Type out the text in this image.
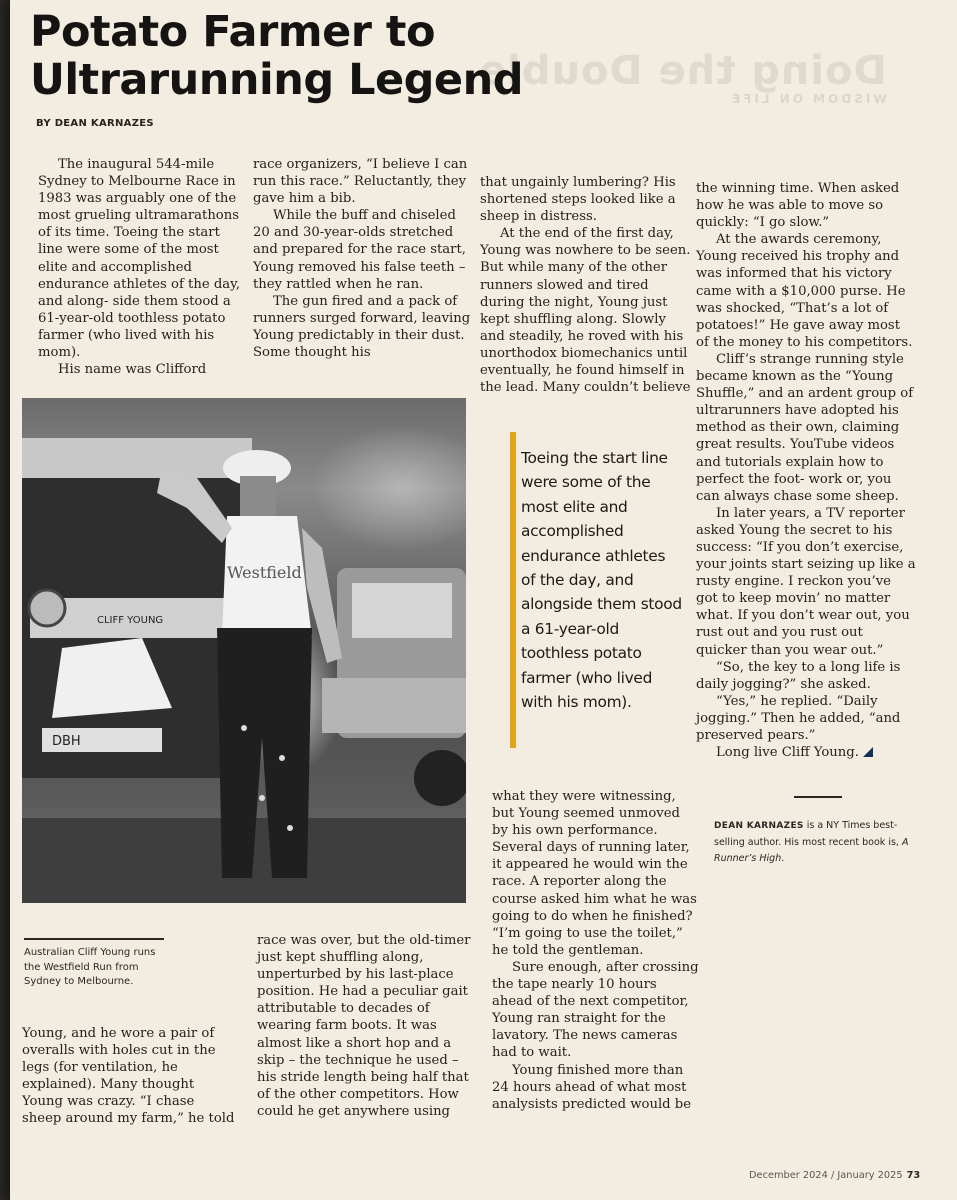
Doing the Double
WISDOM ON LIFE
Potato Farmer to
Ultrarunning Legend
BY DEAN KARNAZES

The inaugural 544-mile Sydney to Melbourne Race in 1983 was arguably one of the most grueling ultramarathons of its time. Toeing the start line were some of the most elite and accomplished endurance athletes of the day, and along- side them stood a 61-year-old toothless potato farmer (who lived with his mom).

His name was Clifford

race organizers, “I believe I can run this race.” Reluctantly, they gave him a bib.

While the buff and chiseled 20 and 30-year-olds stretched and prepared for the race start, Young removed his false teeth – they rattled when he ran.

The gun fired and a pack of runners surged forward, leaving Young predictably in their dust. Some thought his

that ungainly lumbering? His shortened steps looked like a sheep in distress.

At the end of the first day, Young was nowhere to be seen. But while many of the other runners slowed and tired during the night, Young just kept shuffling along. Slowly and steadily, he roved with his unorthodox biomechanics until eventually, he found himself in the lead. Many couldn’t believe

the winning time. When asked how he was able to move so quickly: “I go slow.”

At the awards ceremony, Young received his trophy and was informed that his victory came with a $10,000 purse. He was shocked, “That’s a lot of potatoes!” He gave away most of the money to his competitors.

Cliff’s strange running style became known as the “Young Shuffle,” and an ardent group of ultrarunners have adopted his method as their own, claiming great results. YouTube videos and tutorials explain how to perfect the foot- work or, you can always chase some sheep.

In later years, a TV reporter asked Young the secret to his success: “If you don’t exercise, your joints start seizing up like a rusty engine. I reckon you’ve got to keep movin’ no matter what. If you don’t wear out, you rust out and you rust out quicker than you wear out.”

“So, the key to a long life is daily jogging?” she asked.

“Yes,” he replied. “Daily jogging.” Then he added, “and preserved pears.”

Long live Cliff Young.

CLIFF YOUNG
DBH
Westfield
Australian Cliff Young runs the Westfield Run from Sydney to Melbourne.

Young, and he wore a pair of overalls with holes cut in the legs (for ventilation, he explained). Many thought Young was crazy. “I chase sheep around my farm,” he told

race was over, but the old-timer just kept shuffling along, unperturbed by his last-place position. He had a peculiar gait attributable to decades of wearing farm boots. It was almost like a short hop and a skip – the technique he used – his stride length being half that of the other competitors. How could he get anywhere using

Toeing the start line were some of the most elite and accomplished endurance athletes of the day, and alongside them stood a 61-year-old toothless potato farmer (who lived with his mom).

what they were witnessing, but Young seemed unmoved by his own performance. Several days of running later, it appeared he would win the race. A reporter along the course asked him what he was going to do when he finished? “I’m going to use the toilet,” he told the gentleman.

Sure enough, after crossing the tape nearly 10 hours ahead of the next competitor, Young ran straight for the lavatory. The news cameras had to wait.

Young finished more than 24 hours ahead of what most analysists predicted would be

DEAN KARNAZES is a NY Times best-selling author. His most recent book is, A Runner’s High.
December 2024 / January 2025 73
